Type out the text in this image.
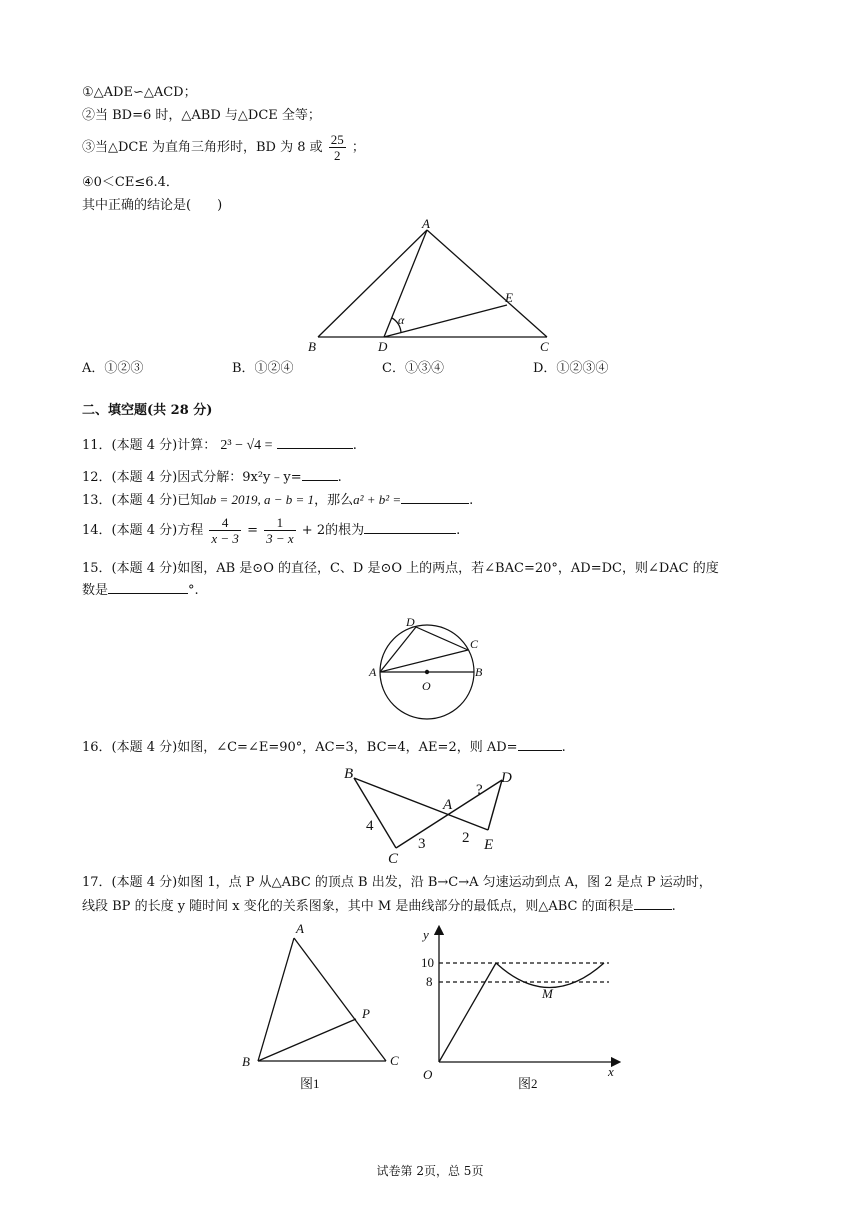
①△ADE∽△ACD；
②当 BD=6 时，△ABD 与△DCE 全等；
③当△DCE 为直角三角形时，BD 为 8 或 $\frac{25}{2}$ ；
④0＜CE≤6.4．
其中正确的结论是(　　)
A
B	D	C
E
α
A．①②③	B．①②④	C．①③④	D．①②③④
二、填空题(共 28 分)
11．(本题 4 分)计算： 2³ − √4 =	.
12．(本题 4 分)因式分解：9x²y﹣y=	.
13．(本题 4 分)已知ab = 2019, a − b = 1，那么a² + b² =	.
14．(本题 4 分)方程 $\frac{4}{x - 3} = \frac{1}{3 - x} + 2$的根为	.
15．(本题 4 分)如图，AB 是⊙O 的直径，C、D 是⊙O 上的两点，若∠BAC=20°，AD=DC，则∠DAC 的度
数是	°.
A	B
C
D
O
16．(本题 4 分)如图，∠C=∠E=90°，AC=3，BC=4，AE=2，则 AD=	.
B
C
A
D
E
4
3 2
?
17．(本题 4 分)如图 1，点 P 从△ABC 的顶点 B 出发，沿 B→C→A 匀速运动到点 A，图 2 是点 P 运动时，
线段 BP 的长度 y 随时间 x 变化的关系图象，其中 M 是曲线部分的最低点，则△ABC 的面积是	.
A
B	C
P
图1
y
x
O
10
8
M
图2
试卷第 2页，总 5页
